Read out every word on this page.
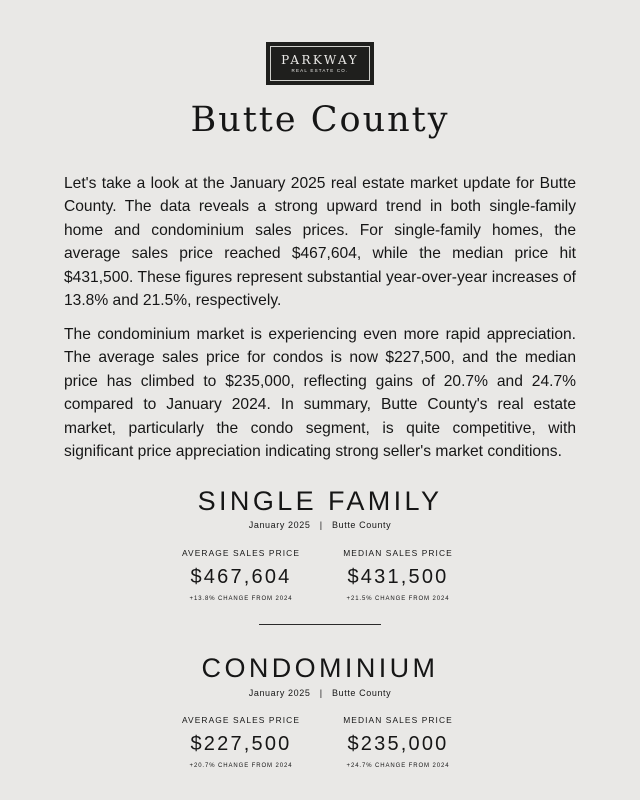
PARKWAY
REAL ESTATE CO.
Butte County

Let's take a look at the January 2025 real estate market update for Butte County. The data reveals a strong upward trend in both single-family home and condominium sales prices. For single-family homes, the average sales price reached $467,604, while the median price hit $431,500. These figures represent substantial year-over-year increases of 13.8% and 21.5%, respectively.

The condominium market is experiencing even more rapid appreciation. The average sales price for condos is now $227,500, and the median price has climbed to $235,000, reflecting gains of 20.7% and 24.7% compared to January 2024. In summary, Butte County's real estate market, particularly the condo segment, is quite competitive, with significant price appreciation indicating strong seller's market conditions.

SINGLE FAMILY
January 2025   |   Butte County
AVERAGE SALES PRICE
$467,604
+13.8% CHANGE FROM 2024
MEDIAN SALES PRICE
$431,500
+21.5% CHANGE FROM 2024
CONDOMINIUM
January 2025   |   Butte County
AVERAGE SALES PRICE
$227,500
+20.7% CHANGE FROM 2024
MEDIAN SALES PRICE
$235,000
+24.7% CHANGE FROM 2024
